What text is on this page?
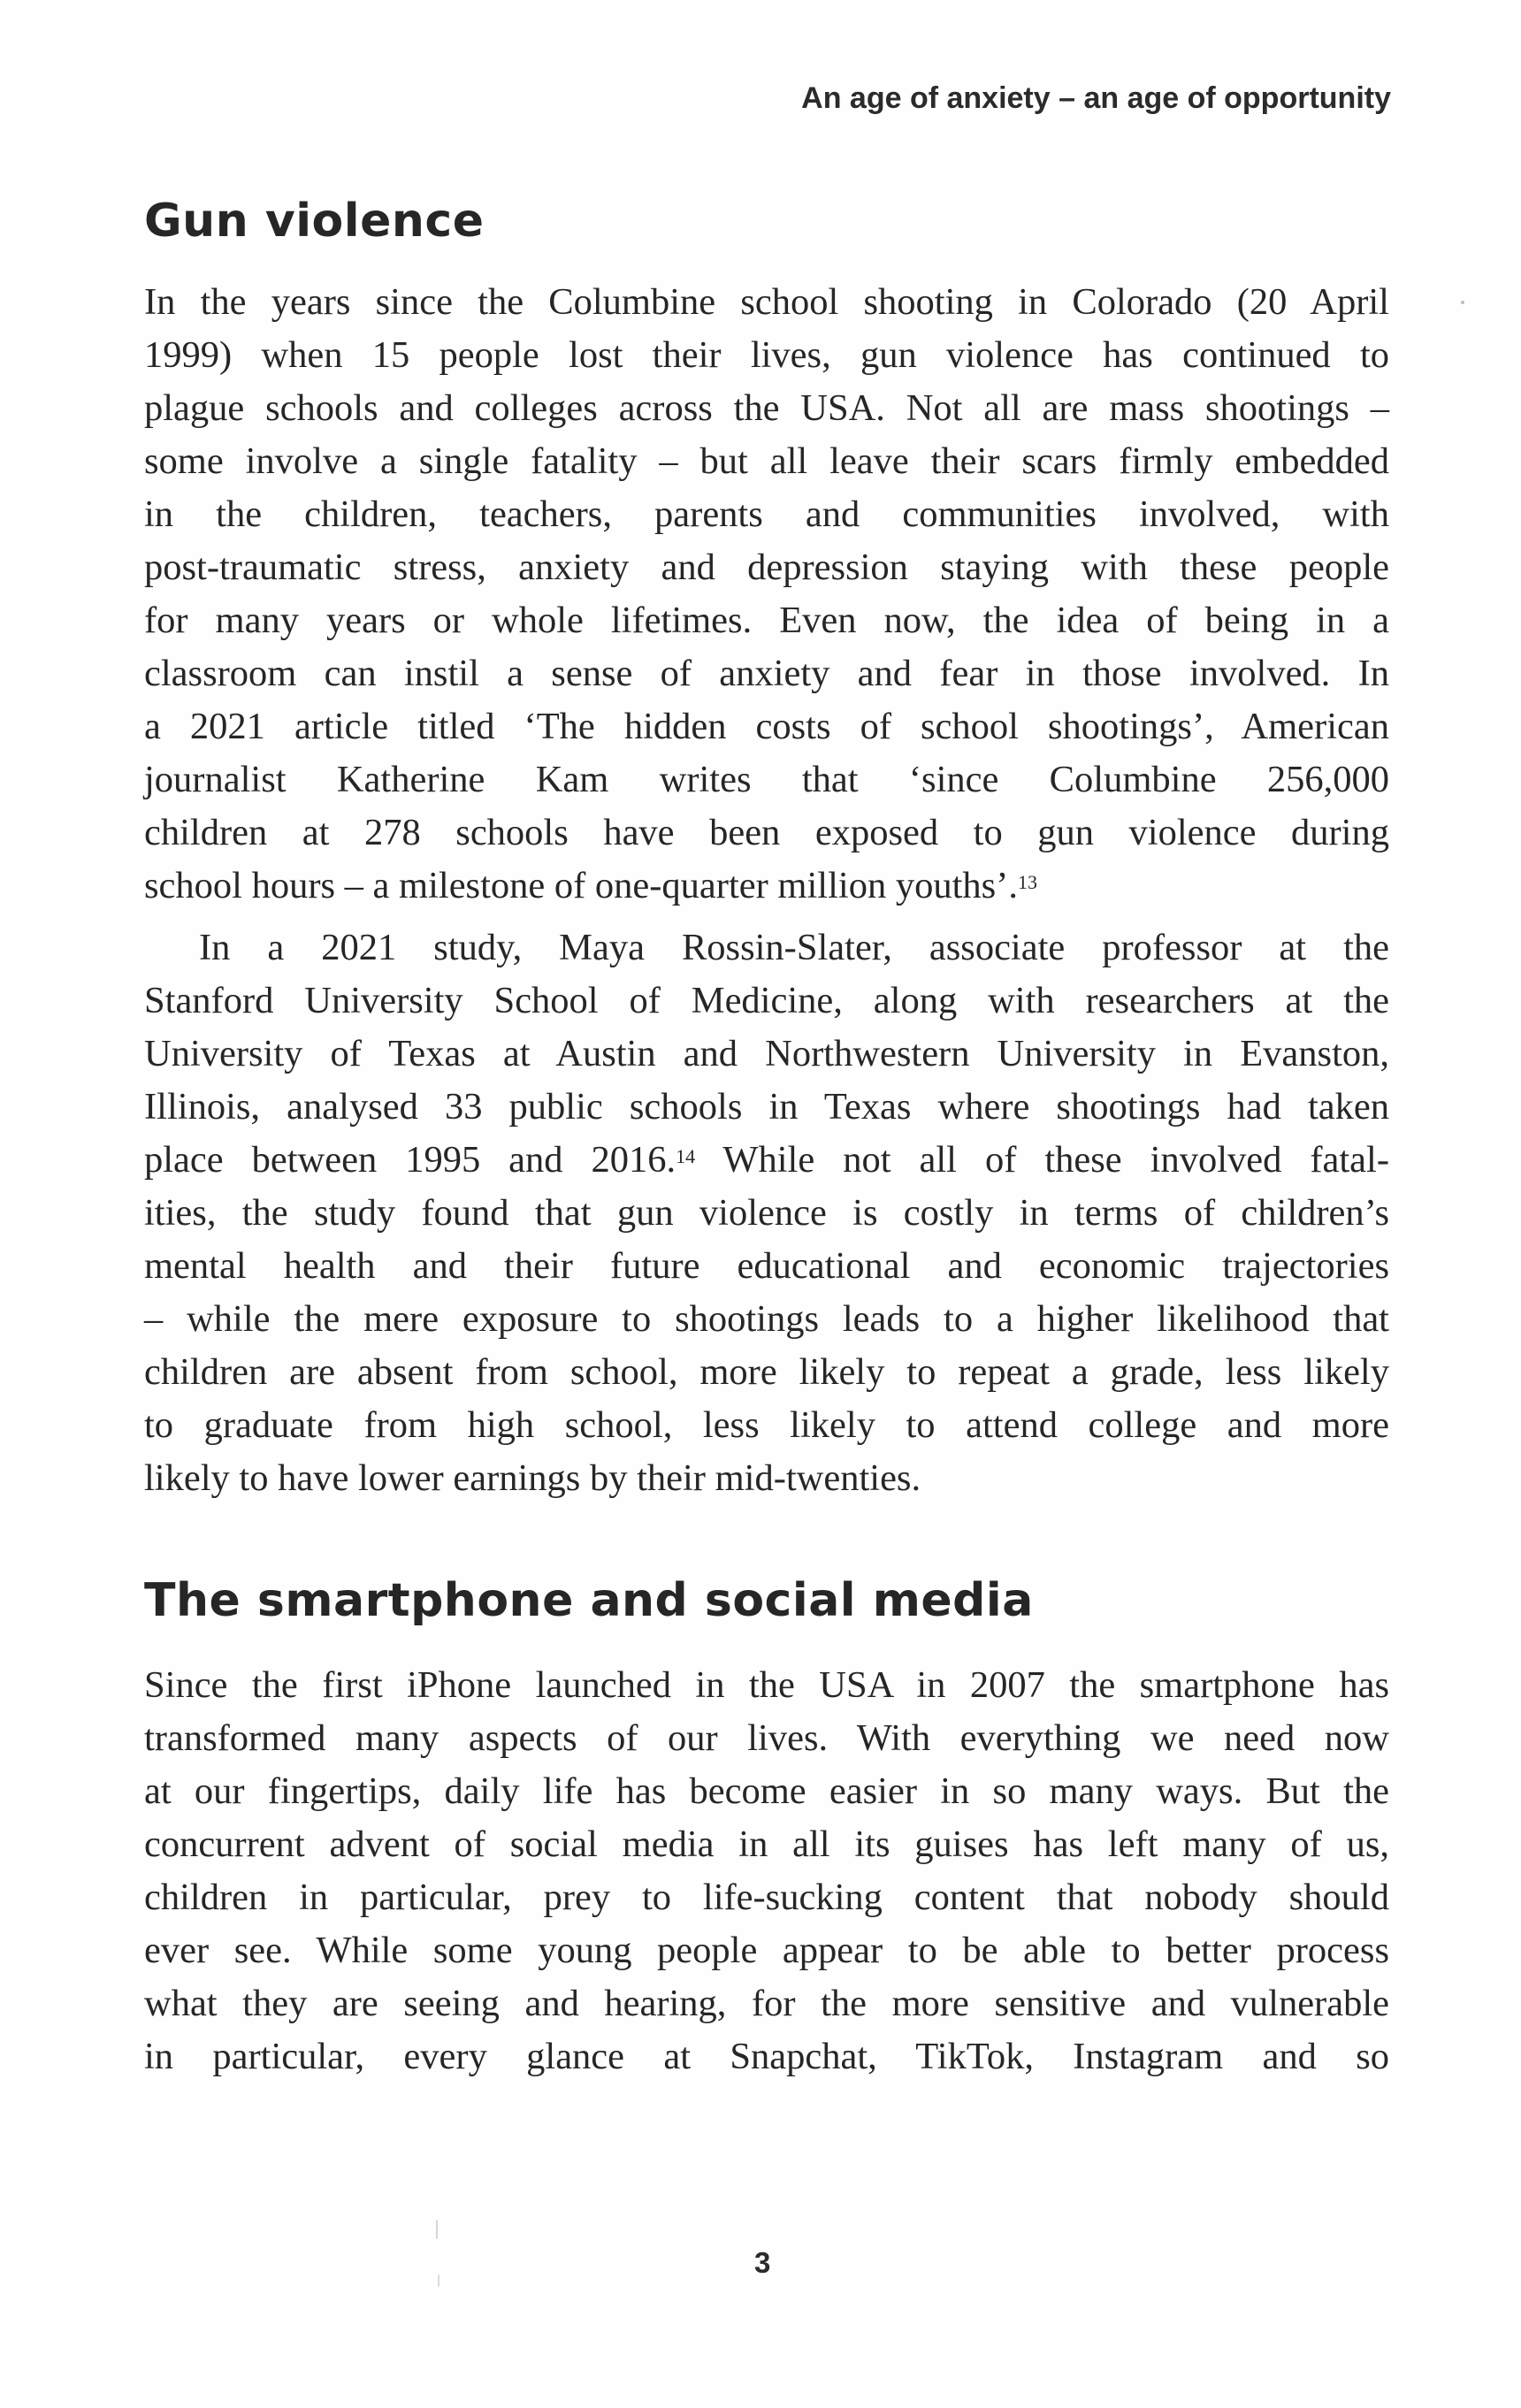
An age of anxiety – an age of opportunity
Gun violence
In the years since the Columbine school shooting in Colorado (20 April
1999) when 15 people lost their lives, gun violence has continued to
plague schools and colleges across the USA. Not all are mass shootings –
some involve a single fatality – but all leave their scars firmly embedded
in the children, teachers, parents and communities involved, with
post-traumatic stress, anxiety and depression staying with these people
for many years or whole lifetimes. Even now, the idea of being in a
classroom can instil a sense of anxiety and fear in those involved. In
a 2021 article titled ‘The hidden costs of school shootings’, American
journalist Katherine Kam writes that ‘since Columbine 256,000
children at 278 schools have been exposed to gun violence during
school hours – a milestone of one-quarter million youths’.$^{13}$
In a 2021 study, Maya Rossin-Slater, associate professor at the
Stanford University School of Medicine, along with researchers at the
University of Texas at Austin and Northwestern University in Evanston,
Illinois, analysed 33 public schools in Texas where shootings had taken
place between 1995 and 2016.14 While not all of these involved fatal-
ities, the study found that gun violence is costly in terms of children’s
mental health and their future educational and economic trajectories
– while the mere exposure to shootings leads to a higher likelihood that
children are absent from school, more likely to repeat a grade, less likely
to graduate from high school, less likely to attend college and more
likely to have lower earnings by their mid-twenties.
The smartphone and social media
Since the first iPhone launched in the USA in 2007 the smartphone has
transformed many aspects of our lives. With everything we need now
at our fingertips, daily life has become easier in so many ways. But the
concurrent advent of social media in all its guises has left many of us,
children in particular, prey to life-sucking content that nobody should
ever see. While some young people appear to be able to better process
what they are seeing and hearing, for the more sensitive and vulnerable
in particular, every glance at Snapchat, TikTok, Instagram and so
3
